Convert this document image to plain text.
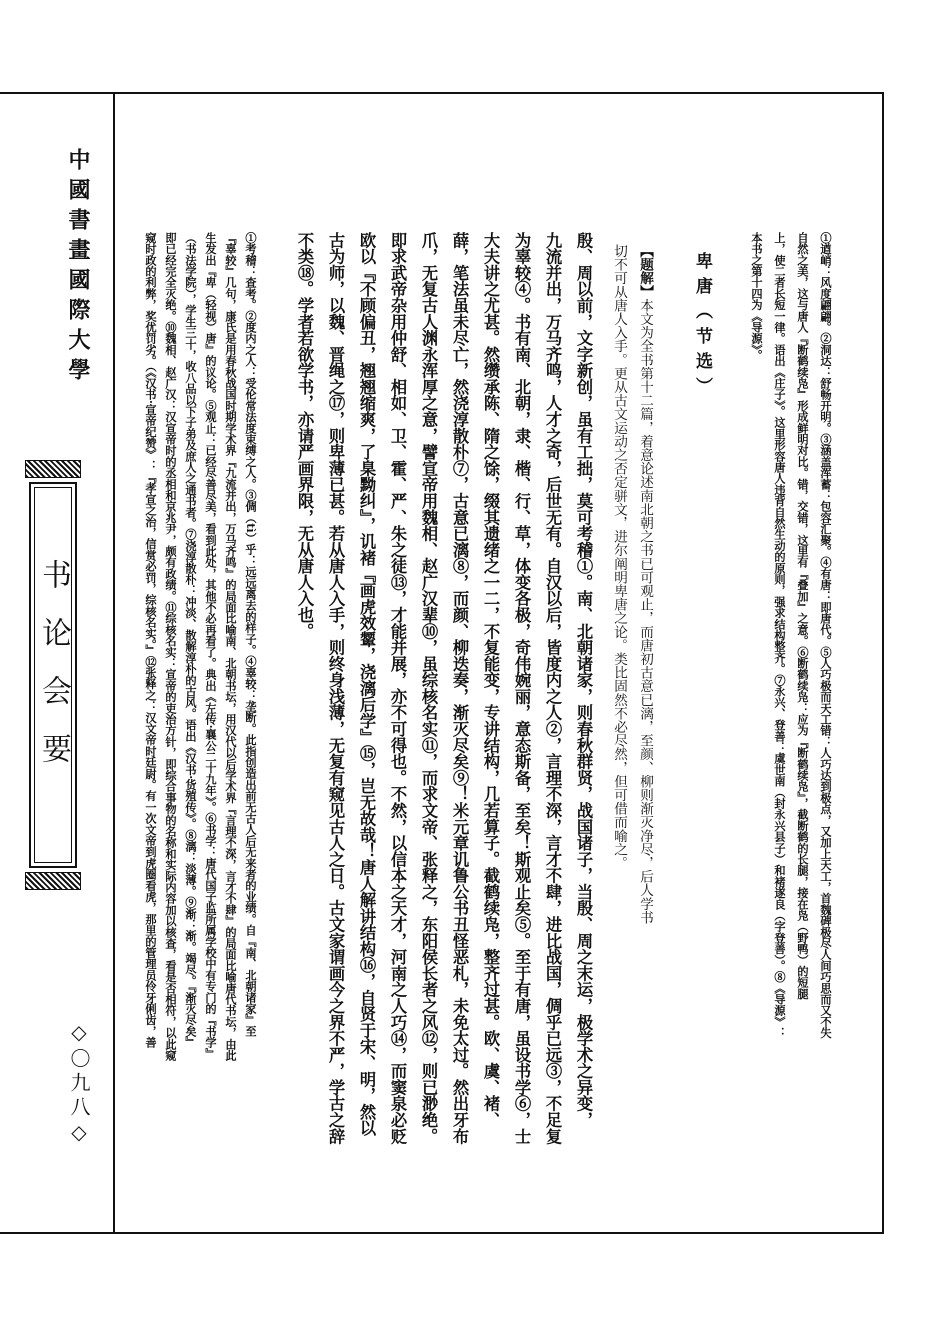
中國書畫國際大學
书论会要
◇〇九八◇
①遒峭：风度翩翩。②洞达：舒畅开明。③涵盖浑蓄：包容汇聚。④有唐：即唐代。⑤人巧极而天工错：人巧达到极点，又加上天工，首魏碑极尽人间巧思而又不失
自然之美，这与唐人『断鹤续凫』形成鲜明对比。错，交错，这里有『叠加』之意。⑥断鹤续凫：应为『断鹤续凫』，截断鹤的长腿，接在凫（野鸭）的短腿
上，使二者长短一律。语出《庄子》。这里形容唐人违背自然生动的原则，强求结构整齐。⑦永兴、登善：虞世南（封永兴县子）和褚遂良（字登善）。⑧《导源》：
本书之第十四为《导源》。
卑唐（节选）
【题解】本文为全书第十二篇，着意论述南北朝之书已可观止，而唐初古意已漓，至颜、柳则渐灭净尽，后人学书
切不可从唐人入手。更从古文运动之否定骈文，进尔阐明卑唐之论。类比固然不必尽然，但可借而喻之。
殷、周以前，文字新创，虽有工拙，莫可考稽①。南、北朝诸家，则春秋群贤，战国诸子，当殷、周之末运，极学术之异变，
九流并出，万马齐鸣，人才之奇，后世无有。自汉以后，皆度内之人②，言理不深，言才不肆，进比战国，倜乎已远③，不足复
为辜较④。书有南、北朝，隶、楷、行、草，体变各极，奇伟婉丽，意态斯备，至矣！斯观止矣⑤。至于有唐，虽设书学⑥，士
大夫讲之尤甚。然缵承陈、隋之馀，缀其遗绪之一二，不复能变，专讲结构，几若算子。截鹤续凫，整齐过甚。欧、虞、褚、
薛，笔法虽未尽亡，然浇淳散朴⑦，古意已漓⑧，而颜、柳迭奏，渐灭尽矣⑨！米元章讥鲁公书丑怪恶札，未免太过。然出牙布
爪，无复古人渊永浑厚之意，譬宣帝用魏相、赵广汉辈⑩，虽综核名实⑪，而求文帝、张释之，东阳侯长者之风⑫，则已渺绝。
即求武帝杂用仲舒、相如、卫、霍、严、朱之徒⑬，才能并展，亦不可得也。不然，以信本之天才，河南之人巧⑭，而窦泉必贬
欧以『不顾偏丑，翘翘缩爽，了臬黝纠』，讥褚『画虎效颦，浇漓后学』⑮，岂无故哉！唐人解讲结构⑯，自贤于宋、明，然以
古为师，以魏、晋绳之⑰，则卑薄已甚。若从唐人入手，则终身浅薄，无复有窥见古人之日。古文家谓画今之界不严，学古之辞
不类⑱。学者若欲学书，亦请严画界限，无从唐人入也。
①考稽：查考。②度内之人：受伦常法度束缚之人。③倜（tì）乎：远远离去的样子。④辜较：垄断。此指创造出前无古人后无来者的业绩。自『南、北朝诸家』至
『辜较』几句，康氏是用春秋战国时期学术界『九流并出，万马齐鸣』的局面比喻南、北朝书坛，用汉代以后学术界『言理不深，言才不肆』的局面比喻唐代书坛，由此
生发出『卑（轻视）唐』的议论。⑤观止：已经尽善尽美，看到此处，其他不必再看了。典出《左传·襄公二十九年》。⑥书学：唐代国子监所属学校中有专门的『书学』
（书法学院），学生三十，收八品以下子弟及庶人之通书者。⑦浇淳散朴：冲淡、散解淳朴的古风。语出《汉书·货殖传》。⑧漓：淡薄。⑨渐：渐。竭尽。『渐灭尽矣』
即已经完全灭绝。⑩魏相、赵广汉：汉宣帝时的丞相和京兆尹，颇有政绩。⑪综核名实：宣帝的吏治方针，即综合事物的名称和实际内容加以核查，看是否相符，以此窥
窥时政的利弊，奖优罚劣。（《汉书·宣帝纪赞》：『孝宣之治，信赏必罚，综核名实。』⑫张释之：汉文帝时廷尉。有一次文帝到虎圈看虎，那里的管理员伶牙俐齿，善
